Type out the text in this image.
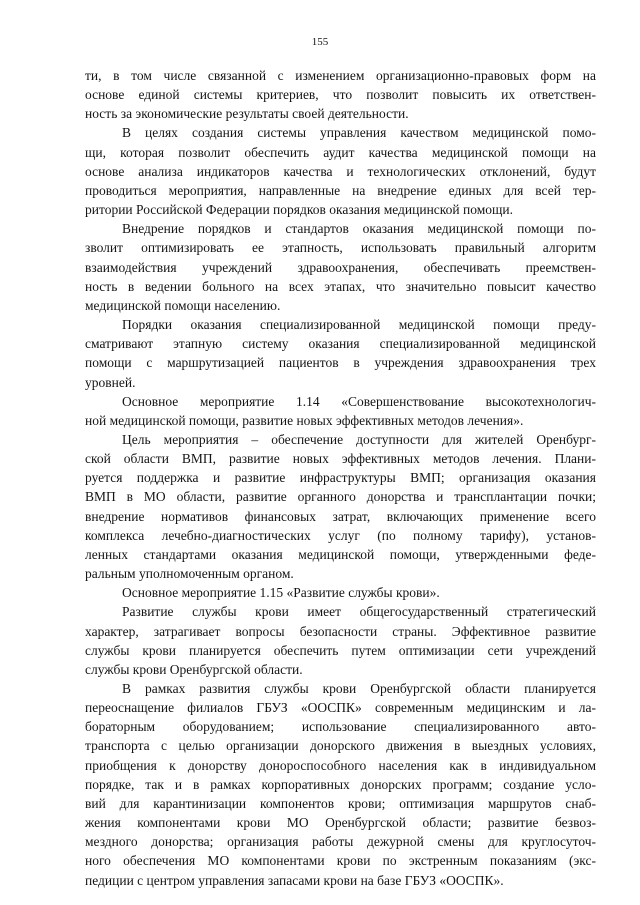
155

ти, в том числе связанной с изменением организационно-правовых форм на
основе единой системы критериев, что позволит повысить их ответствен-
ность за экономические результаты своей деятельности.

В целях создания системы управления качеством медицинской помо-
щи, которая позволит обеспечить аудит качества медицинской помощи на
основе анализа индикаторов качества и технологических отклонений, будут
проводиться мероприятия, направленные на внедрение единых для всей тер-
ритории Российской Федерации порядков оказания медицинской помощи.

Внедрение порядков и стандартов оказания медицинской помощи по-
зволит оптимизировать ее этапность, использовать правильный алгоритм
взаимодействия учреждений здравоохранения, обеспечивать преемствен-
ность в ведении больного на всех этапах, что значительно повысит качество
медицинской помощи населению.

Порядки оказания специализированной медицинской помощи преду-
сматривают этапную систему оказания специализированной медицинской
помощи с маршрутизацией пациентов в учреждения здравоохранения трех
уровней.

Основное мероприятие 1.14 «Совершенствование высокотехнологич-
ной медицинской помощи, развитие новых эффективных методов лечения».

Цель мероприятия – обеспечение доступности для жителей Оренбург-
ской области ВМП, развитие новых эффективных методов лечения. Плани-
руется поддержка и развитие инфраструктуры ВМП; организация оказания
ВМП в МО области, развитие органного донорства и трансплантации почки;
внедрение нормативов финансовых затрат, включающих применение всего
комплекса лечебно-диагностических услуг (по полному тарифу), установ-
ленных стандартами оказания медицинской помощи, утвержденными феде-
ральным уполномоченным органом.

Основное мероприятие 1.15 «Развитие службы крови».

Развитие службы крови имеет общегосударственный стратегический
характер, затрагивает вопросы безопасности страны. Эффективное развитие
службы крови планируется обеспечить путем оптимизации сети учреждений
службы крови Оренбургской области.

В рамках развития службы крови Оренбургской области планируется
переоснащение филиалов ГБУЗ «ООСПК» современным медицинским и ла-
бораторным оборудованием; использование специализированного авто-
транспорта с целью организации донорского движения в выездных условиях,
приобщения к донорству донороспособного населения как в индивидуальном
порядке, так и в рамках корпоративных донорских программ; создание усло-
вий для карантинизации компонентов крови; оптимизация маршрутов снаб-
жения компонентами крови МО Оренбургской области; развитие безвоз-
мездного донорства; организация работы дежурной смены для круглосуточ-
ного обеспечения МО компонентами крови по экстренным показаниям (экс-
педиции с центром управления запасами крови на базе ГБУЗ «ООСПК».
